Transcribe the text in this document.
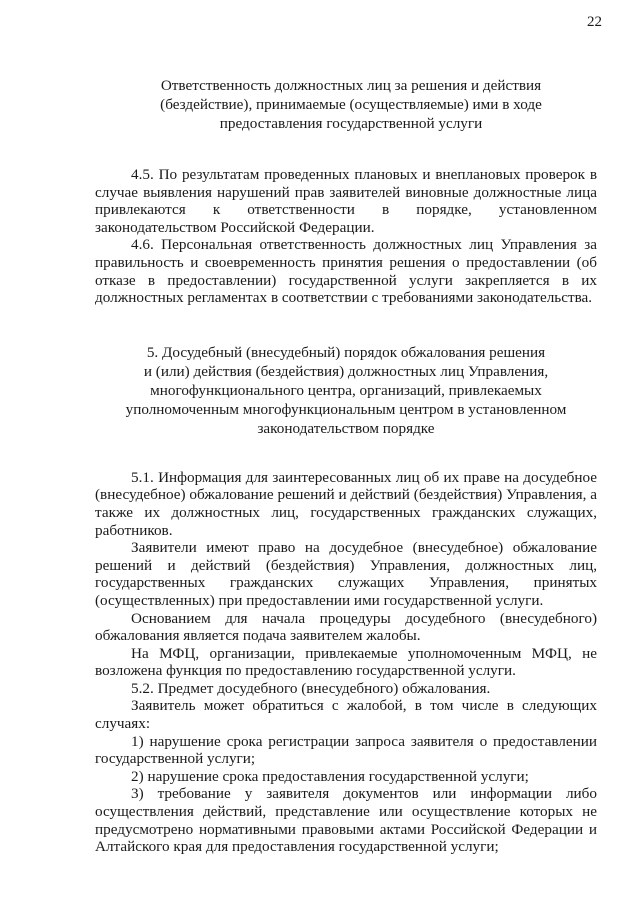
22
Ответственность должностных лиц за решения и действия
(бездействие), принимаемые (осуществляемые) ими в ходе
предоставления государственной услуги

4.5. По результатам проведенных плановых и внеплановых проверок в случае выявления нарушений прав заявителей виновные должностные лица привлекаются к ответственности в порядке, установленном законодательством Российской Федерации.

4.6. Персональная ответственность должностных лиц Управления за правильность и своевременность принятия решения о предоставлении (об отказе в предоставлении) государственной услуги закрепляется в их должностных регламентах в соответствии с требованиями законодательства.

5. Досудебный (внесудебный) порядок обжалования решения
и (или) действия (бездействия) должностных лиц Управления,
многофункционального центра, организаций, привлекаемых
уполномоченным многофункциональным центром в установленном
законодательством порядке

5.1. Информация для заинтересованных лиц об их праве на досудебное (внесудебное) обжалование решений и действий (бездействия) Управления, а также их должностных лиц, государственных гражданских служащих, работников.

Заявители имеют право на досудебное (внесудебное) обжалование решений и действий (бездействия) Управления, должностных лиц, государственных гражданских служащих Управления, принятых (осуществленных) при предоставлении ими государственной услуги.

Основанием для начала процедуры досудебного (внесудебного) обжалования является подача заявителем жалобы.

На МФЦ, организации, привлекаемые уполномоченным МФЦ, не возложена функция по предоставлению государственной услуги.

5.2. Предмет досудебного (внесудебного) обжалования.

Заявитель может обратиться с жалобой, в том числе в следующих случаях:

1) нарушение срока регистрации запроса заявителя о предоставлении государственной услуги;

2) нарушение срока предоставления государственной услуги;

3) требование у заявителя документов или информации либо осуществления действий, представление или осуществление которых не предусмотрено нормативными правовыми актами Российской Федерации и Алтайского края для предоставления государственной услуги;
